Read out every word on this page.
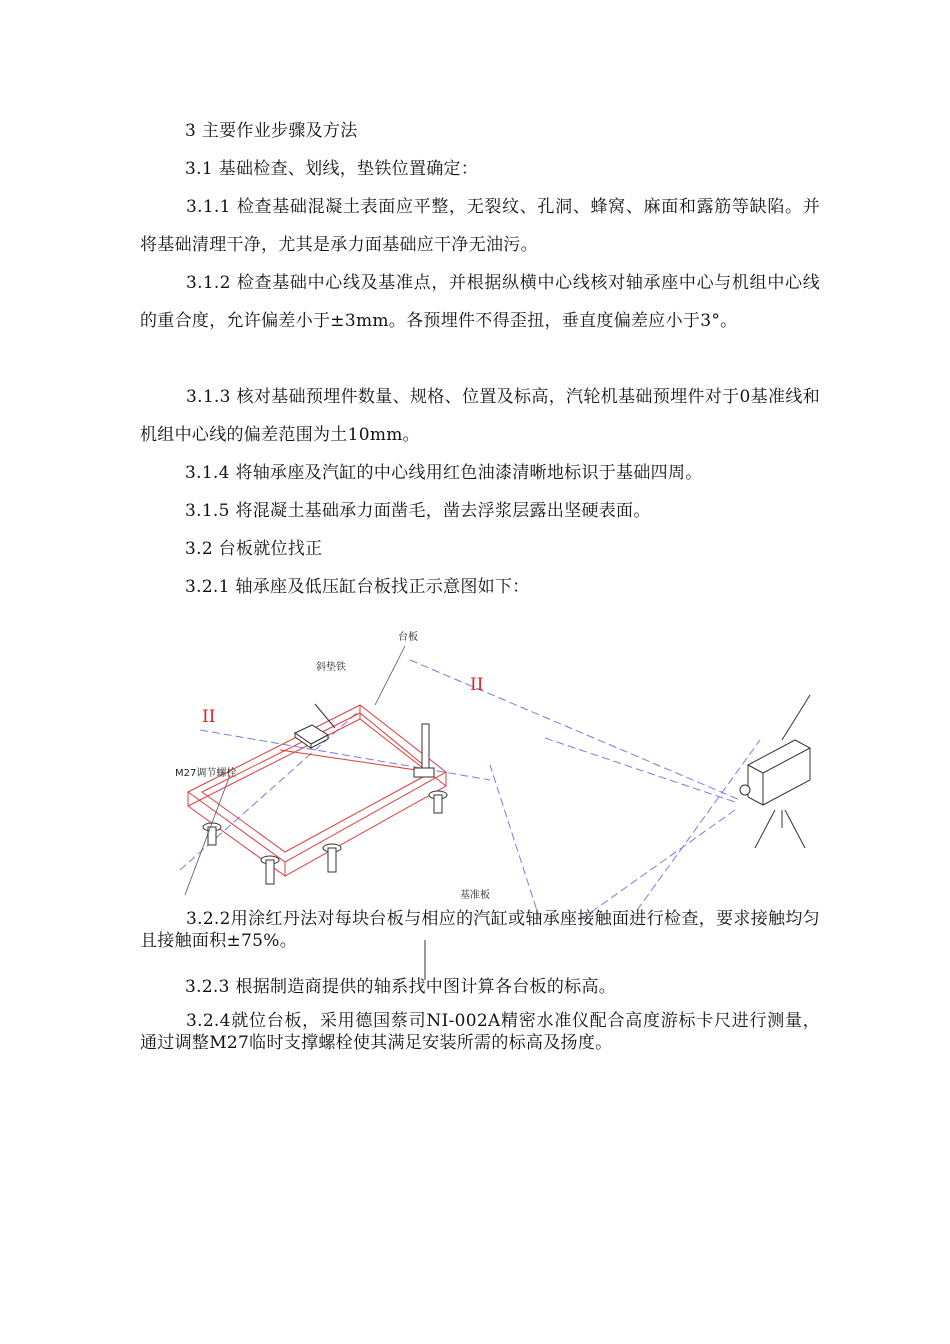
3 主要作业步骤及方法
3.1 基础检查、划线，垫铁位置确定：
3.1.1 检查基础混凝土表面应平整，无裂纹、孔洞、蜂窝、麻面和露筋等缺陷。并将基础清理干净，尤其是承力面基础应干净无油污。
3.1.2 检查基础中心线及基准点，并根据纵横中心线核对轴承座中心与机组中心线的重合度，允许偏差小于±3mm。各预埋件不得歪扭，垂直度偏差应小于3°。
3.1.3 核对基础预埋件数量、规格、位置及标高，汽轮机基础预埋件对于0基准线和机组中心线的偏差范围为土10mm。
3.1.4 将轴承座及汽缸的中心线用红色油漆清晰地标识于基础四周。
3.1.5 将混凝土基础承力面凿毛，凿去浮浆层露出坚硬表面。
3.2 台板就位找正
3.2.1 轴承座及低压缸台板找正示意图如下：
台板
斜垫铁
M27调节螺栓
基准板
II
II
3.2.2用涂红丹法对每块台板与相应的汽缸或轴承座接触面进行检查，要求接触均匀且接触面积±75%。
3.2.3 根据制造商提供的轴系找中图计算各台板的标高。
3.2.4就位台板，采用德国蔡司NI-002A精密水准仪配合高度游标卡尺进行测量，通过调整M27临时支撑螺栓使其满足安装所需的标高及扬度。
